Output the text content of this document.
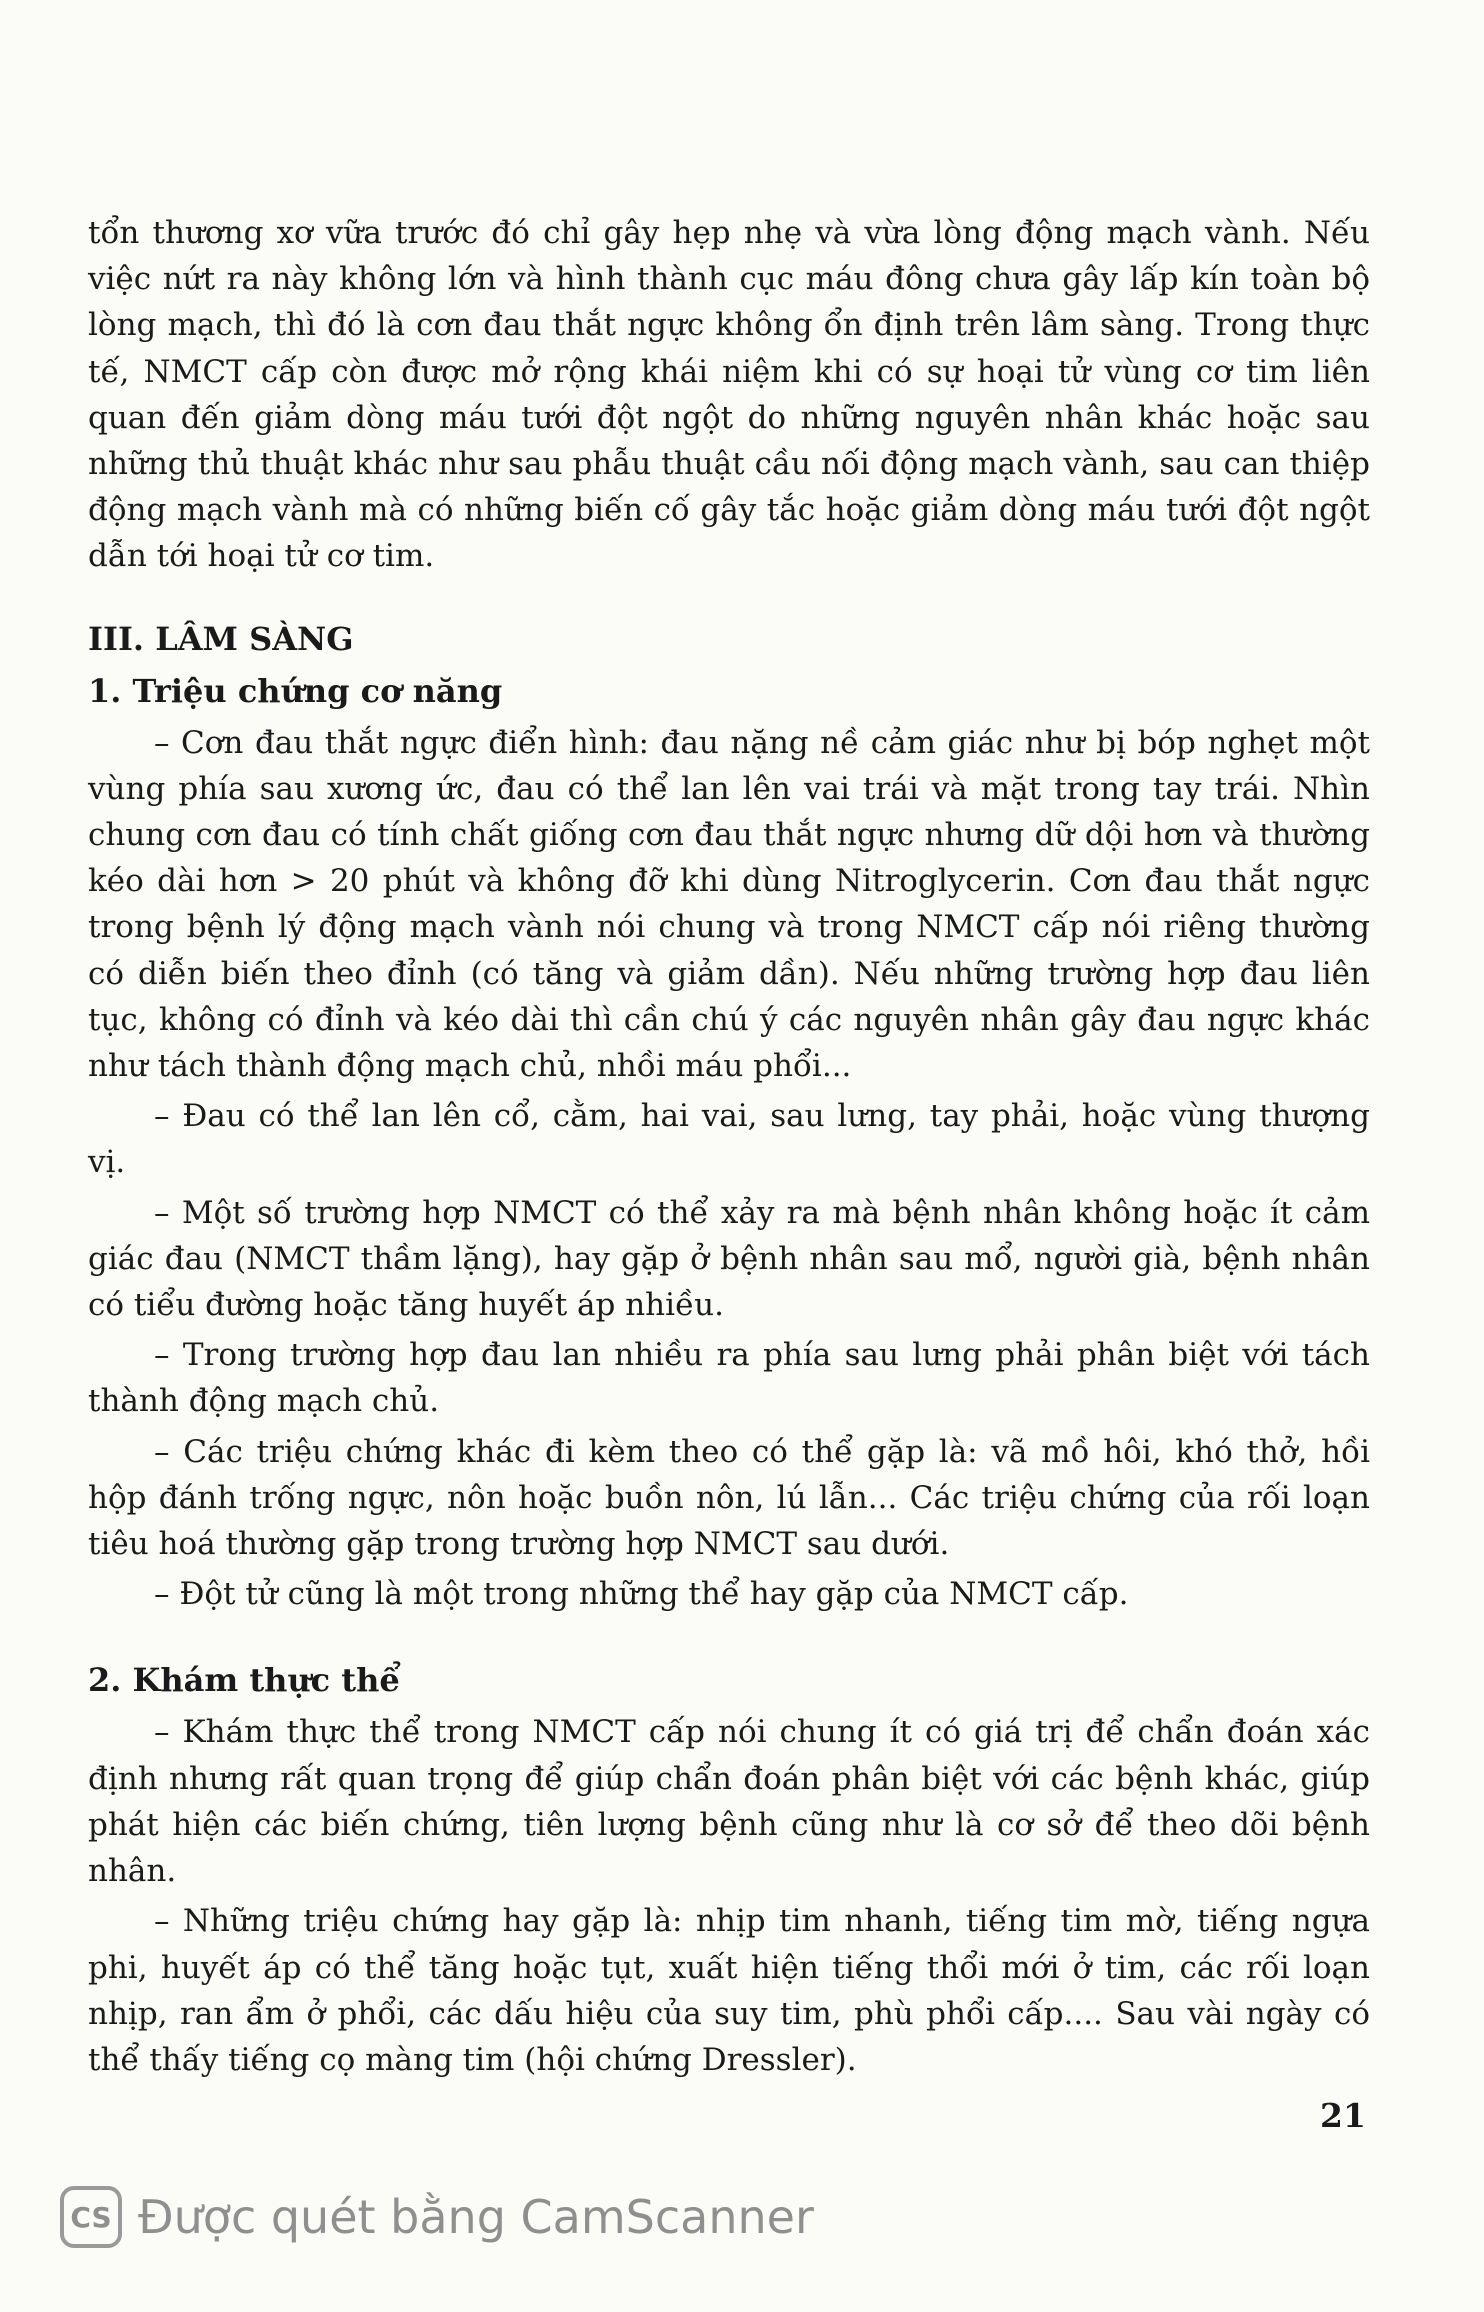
tổn thương xơ vữa trước đó chỉ gây hẹp nhẹ và vừa lòng động mạch vành. Nếu việc nứt ra này không lớn và hình thành cục máu đông chưa gây lấp kín toàn bộ lòng mạch, thì đó là cơn đau thắt ngực không ổn định trên lâm sàng. Trong thực tế, NMCT cấp còn được mở rộng khái niệm khi có sự hoại tử vùng cơ tim liên quan đến giảm dòng máu tưới đột ngột do những nguyên nhân khác hoặc sau những thủ thuật khác như sau phẫu thuật cầu nối động mạch vành, sau can thiệp động mạch vành mà có những biến cố gây tắc hoặc giảm dòng máu tưới đột ngột dẫn tới hoại tử cơ tim.

III. LÂM SÀNG
1. Triệu chứng cơ năng

– Cơn đau thắt ngực điển hình: đau nặng nề cảm giác như bị bóp nghẹt một vùng phía sau xương ức, đau có thể lan lên vai trái và mặt trong tay trái. Nhìn chung cơn đau có tính chất giống cơn đau thắt ngực nhưng dữ dội hơn và thường kéo dài hơn > 20 phút và không đỡ khi dùng Nitroglycerin. Cơn đau thắt ngực trong bệnh lý động mạch vành nói chung và trong NMCT cấp nói riêng thường có diễn biến theo đỉnh (có tăng và giảm dần). Nếu những trường hợp đau liên tục, không có đỉnh và kéo dài thì cần chú ý các nguyên nhân gây đau ngực khác như tách thành động mạch chủ, nhồi máu phổi...

– Đau có thể lan lên cổ, cằm, hai vai, sau lưng, tay phải, hoặc vùng thượng vị.

– Một số trường hợp NMCT có thể xảy ra mà bệnh nhân không hoặc ít cảm giác đau (NMCT thầm lặng), hay gặp ở bệnh nhân sau mổ, người già, bệnh nhân có tiểu đường hoặc tăng huyết áp nhiều.

– Trong trường hợp đau lan nhiều ra phía sau lưng phải phân biệt với tách thành động mạch chủ.

– Các triệu chứng khác đi kèm theo có thể gặp là: vã mồ hôi, khó thở, hồi hộp đánh trống ngực, nôn hoặc buồn nôn, lú lẫn... Các triệu chứng của rối loạn tiêu hoá thường gặp trong trường hợp NMCT sau dưới.

– Đột tử cũng là một trong những thể hay gặp của NMCT cấp.

2. Khám thực thể

– Khám thực thể trong NMCT cấp nói chung ít có giá trị để chẩn đoán xác định nhưng rất quan trọng để giúp chẩn đoán phân biệt với các bệnh khác, giúp phát hiện các biến chứng, tiên lượng bệnh cũng như là cơ sở để theo dõi bệnh nhân.

– Những triệu chứng hay gặp là: nhịp tim nhanh, tiếng tim mờ, tiếng ngựa phi, huyết áp có thể tăng hoặc tụt, xuất hiện tiếng thổi mới ở tim, các rối loạn nhịp, ran ẩm ở phổi, các dấu hiệu của suy tim, phù phổi cấp.... Sau vài ngày có thể thấy tiếng cọ màng tim (hội chứng Dressler).

21
CS Được quét bằng CamScanner
